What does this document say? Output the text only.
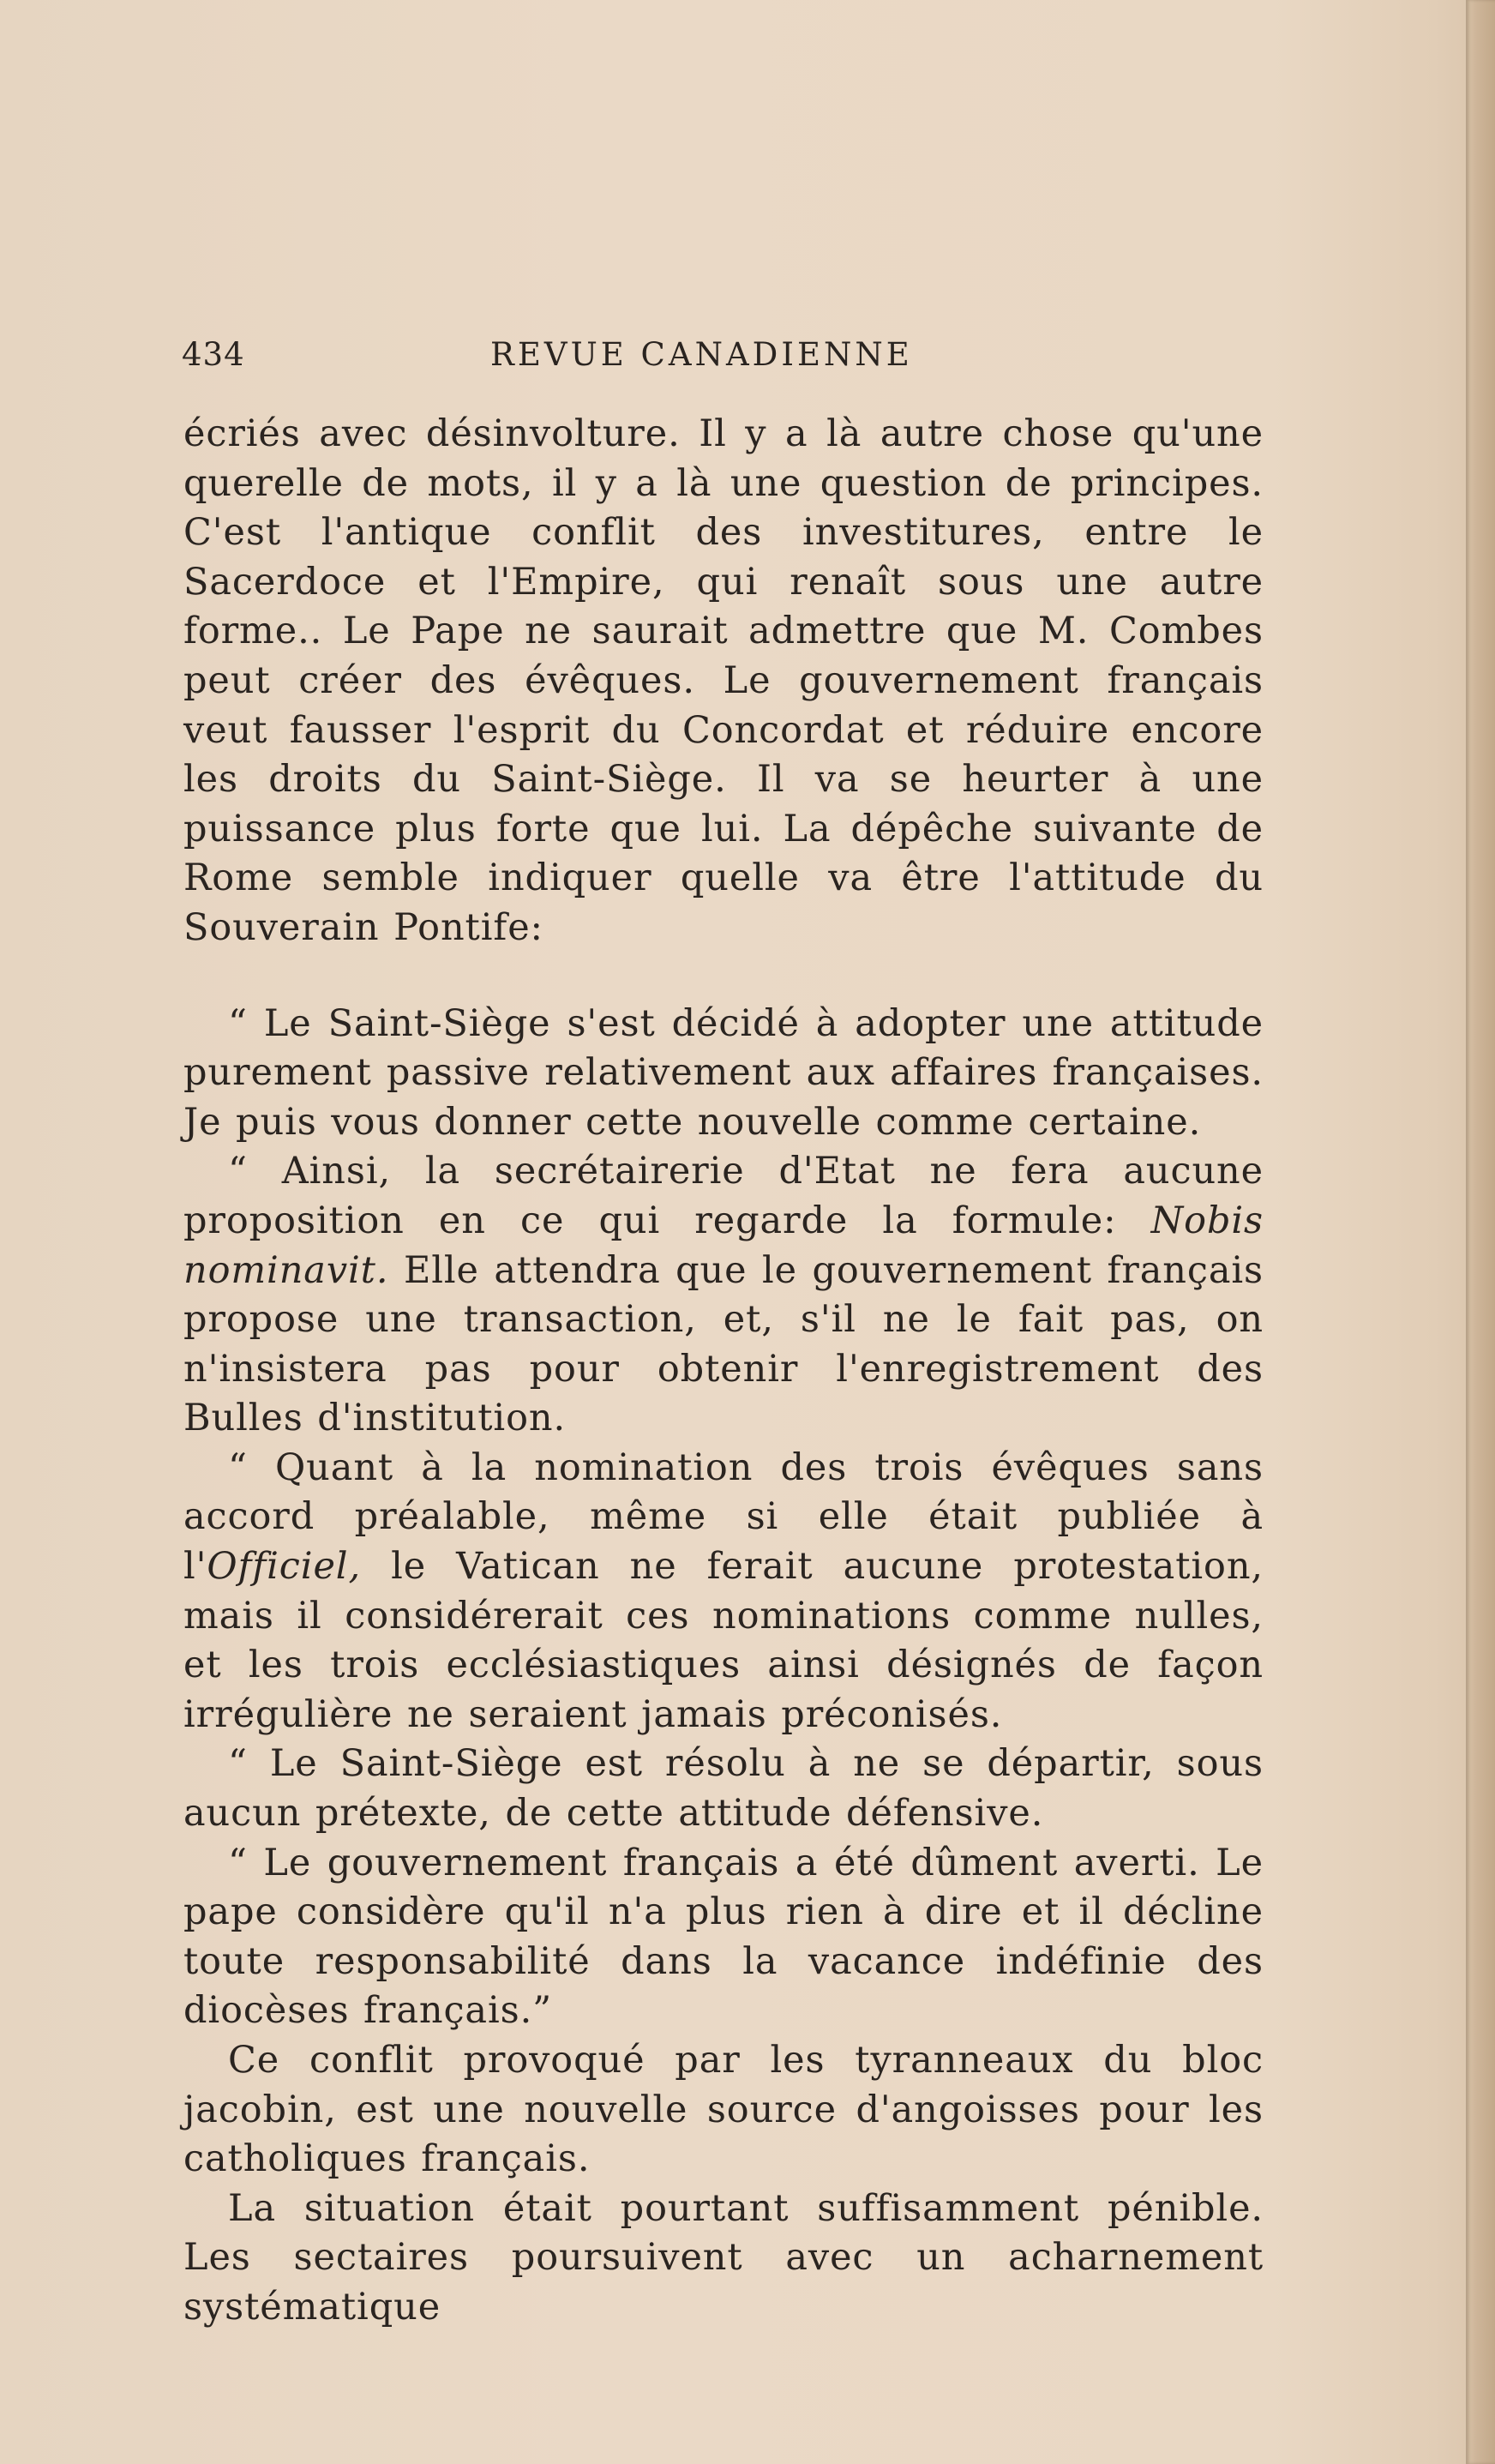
434	REVUE CANADIENNE

écriés avec désinvolture. Il y a là autre chose qu'une querelle de mots, il y a là une question de principes. C'est l'antique conflit des investitures, entre le Sacerdoce et l'Empire, qui renaît sous une autre forme.. Le Pape ne saurait admettre que M. Combes peut créer des évêques. Le gouvernement français veut fausser l'esprit du Concordat et réduire encore les droits du Saint-Siège. Il va se heurter à une puissance plus forte que lui. La dépêche suivante de Rome semble indiquer quelle va être l'attitude du Souverain Pontife:

“ Le Saint-Siège s'est décidé à adopter une attitude purement passive relativement aux affaires françaises. Je puis vous donner cette nouvelle comme certaine.

“ Ainsi, la secrétairerie d'Etat ne fera aucune proposition en ce qui regarde la formule: Nobis nominavit. Elle attendra que le gouvernement français propose une transaction, et, s'il ne le fait pas, on n'insistera pas pour obtenir l'enregistrement des Bulles d'institution.

“ Quant à la nomination des trois évêques sans accord préalable, même si elle était publiée à l'Officiel, le Vatican ne ferait aucune protestation, mais il considérerait ces nominations comme nulles, et les trois ecclésiastiques ainsi désignés de façon irrégulière ne seraient jamais préconisés.

“ Le Saint-Siège est résolu à ne se départir, sous aucun prétexte, de cette attitude défensive.

“ Le gouvernement français a été dûment averti. Le pape considère qu'il n'a plus rien à dire et il décline toute responsabilité dans la vacance indéfinie des diocèses français.”

Ce conflit provoqué par les tyranneaux du bloc jacobin, est une nouvelle source d'angoisses pour les catholiques français.

La situation était pourtant suffisamment pénible. Les sectaires poursuivent avec un acharnement systématique
